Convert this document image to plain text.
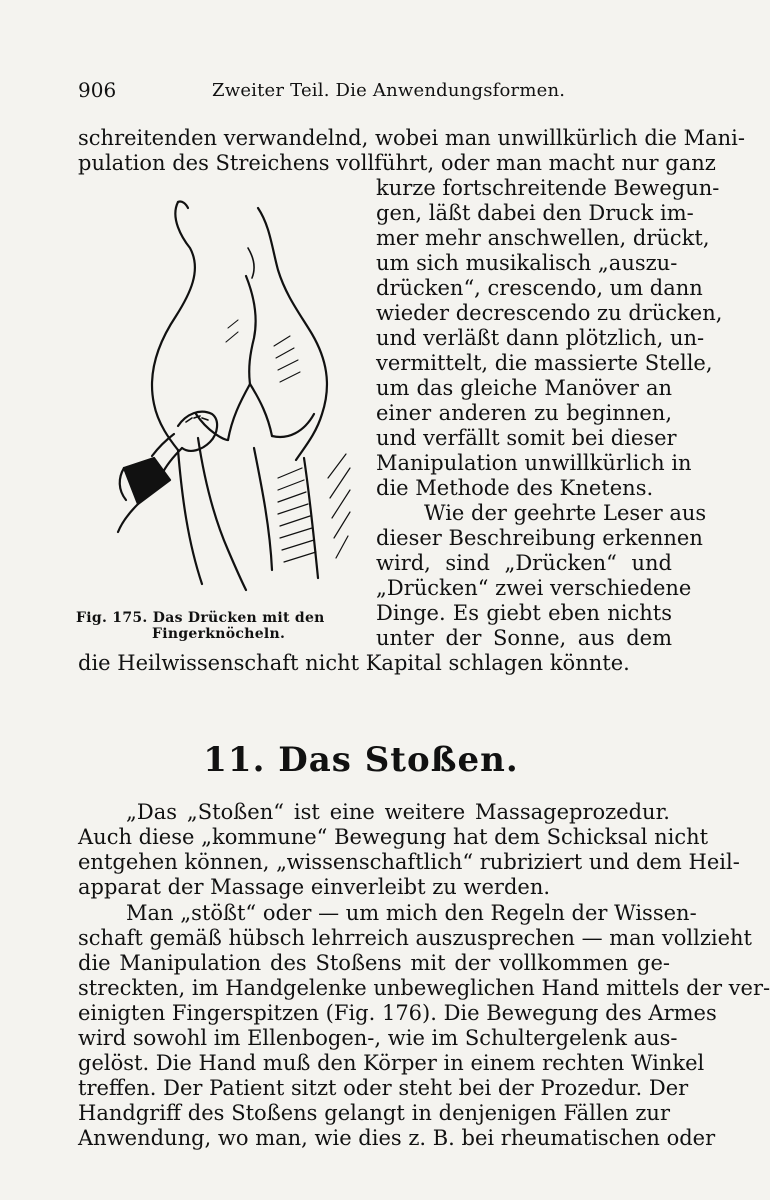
906	Zweiter Teil. Die Anwendungsformen.
schreitenden verwandelnd, wobei man unwillkürlich die Mani-
pulation des Streichens vollführt, oder man macht nur ganz
kurze fortschreitende Bewegun-
gen, läßt dabei den Druck im-
mer mehr anschwellen, drückt,
um sich musikalisch „auszu-
drücken“, crescendo, um dann
wieder decrescendo zu drücken,
und verläßt dann plötzlich, un-
vermittelt, die massierte Stelle,
um das gleiche Manöver an
einer anderen zu beginnen,
und verfällt somit bei dieser
Manipulation unwillkürlich in
die Methode des Knetens.
Wie der geehrte Leser aus
dieser Beschreibung erkennen
wird, sind „Drücken“ und
„Drücken“ zwei verschiedene
Dinge. Es giebt eben nichts
unter der Sonne, aus dem
die Heilwissenschaft nicht Kapital schlagen könnte.
Fig. 175. Das Drücken mit den
Fingerknöcheln.
11. Das Stoßen.
„Das „Stoßen“ ist eine weitere Massageprozedur.
Auch diese „kommune“ Bewegung hat dem Schicksal nicht
entgehen können, „wissenschaftlich“ rubriziert und dem Heil-
apparat der Massage einverleibt zu werden.
Man „stößt“ oder — um mich den Regeln der Wissen-
schaft gemäß hübsch lehrreich auszusprechen — man vollzieht
die Manipulation des Stoßens mit der vollkommen ge-
streckten, im Handgelenke unbeweglichen Hand mittels der ver-
einigten Fingerspitzen (Fig. 176). Die Bewegung des Armes
wird sowohl im Ellenbogen-, wie im Schultergelenk aus-
gelöst. Die Hand muß den Körper in einem rechten Winkel
treffen. Der Patient sitzt oder steht bei der Prozedur. Der
Handgriff des Stoßens gelangt in denjenigen Fällen zur
Anwendung, wo man, wie dies z. B. bei rheumatischen oder
